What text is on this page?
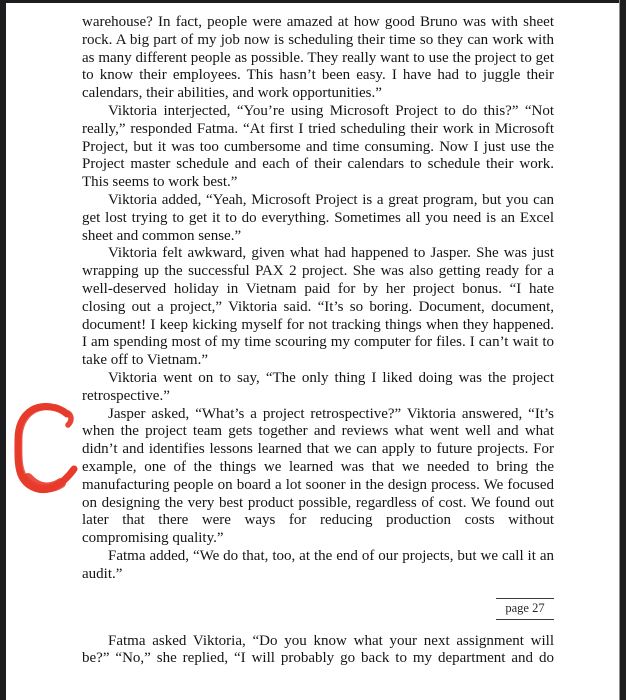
warehouse? In fact, people were amazed at how good Bruno was with sheet rock. A big part of my job now is scheduling their time so they can work with as many different people as possible. They really want to use the project to get to know their employees. This hasn’t been easy. I have had to juggle their calendars, their abilities, and work opportunities.”

Viktoria interjected, “You’re using Microsoft Project to do this?” “Not really,” responded Fatma. “At first I tried scheduling their work in Microsoft Project, but it was too cumbersome and time consuming. Now I just use the Project master schedule and each of their calendars to schedule their work. This seems to work best.”

Viktoria added, “Yeah, Microsoft Project is a great program, but you can get lost trying to get it to do everything. Sometimes all you need is an Excel sheet and common sense.”

Viktoria felt awkward, given what had happened to Jasper. She was just wrapping up the successful PAX 2 project. She was also getting ready for a well-deserved holiday in Vietnam paid for by her project bonus. “I hate closing out a project,” Viktoria said. “It’s so boring. Document, document, document! I keep kicking myself for not tracking things when they happened. I am spending most of my time scouring my computer for files. I can’t wait to take off to Vietnam.”

Viktoria went on to say, “The only thing I liked doing was the project retrospective.”

Jasper asked, “What’s a project retrospective?” Viktoria answered, “It’s when the project team gets together and reviews what went well and what didn’t and identifies lessons learned that we can apply to future projects. For example, one of the things we learned was that we needed to bring the manufacturing people on board a lot sooner in the design process. We focused on designing the very best product possible, regardless of cost. We found out later that there were ways for reducing production costs without compromising quality.”

Fatma added, “We do that, too, at the end of our projects, but we call it an audit.”

page 27

Fatma asked Viktoria, “Do you know what your next assignment will be?” “No,” she replied, “I will probably go back to my department and do
